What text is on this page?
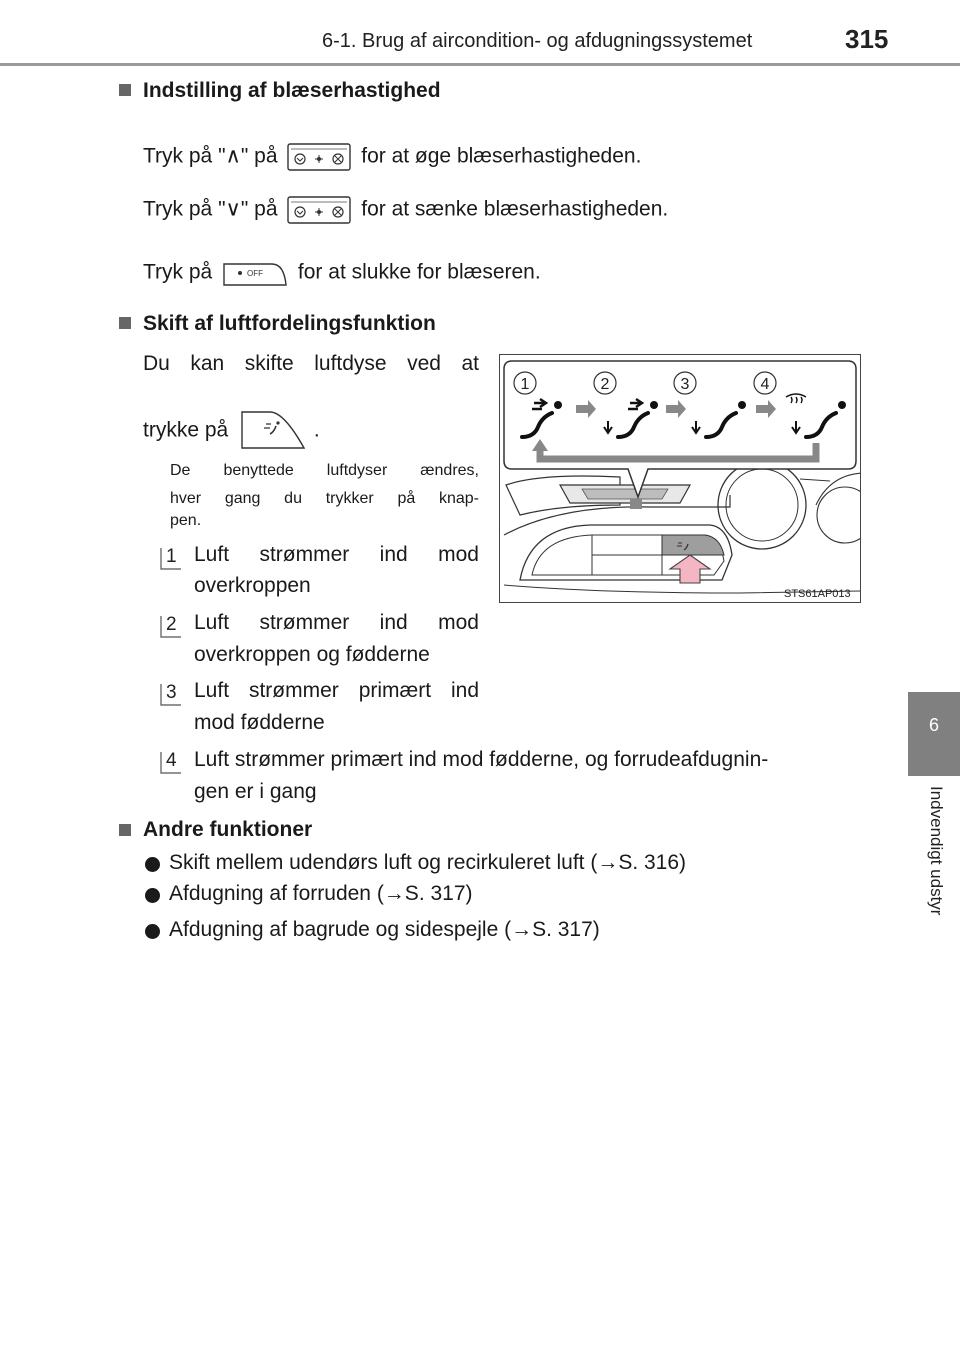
6-1. Brug af aircondition- og afdugningssystemet	315
6
Indvendigt udstyr
Indstilling af blæserhastighed
Tryk på "∧" på	for at øge blæserhastigheden.
Tryk på "∨" på	for at sænke blæserhastigheden.
Tryk på	OFF for at slukke for blæseren.
Skift af luftfordelingsfunktion
Du kan skifte luftdyse ved at
trykke på	.
De benyttede luftdyser ændres,
hver gang du trykker på knap-
pen.
1 Luft strømmer ind mod
overkroppen
2 Luft strømmer ind mod
overkroppen og fødderne
3 Luft strømmer primært ind
mod fødderne
4 Luft strømmer primært ind mod fødderne, og forrudeafdugnin-
gen er i gang
1	2	3	4
STS61AP013
Andre funktioner
Skift mellem udendørs luft og recirkuleret luft (→S. 316)
Afdugning af forruden (→S. 317)
Afdugning af bagrude og sidespejle (→S. 317)
